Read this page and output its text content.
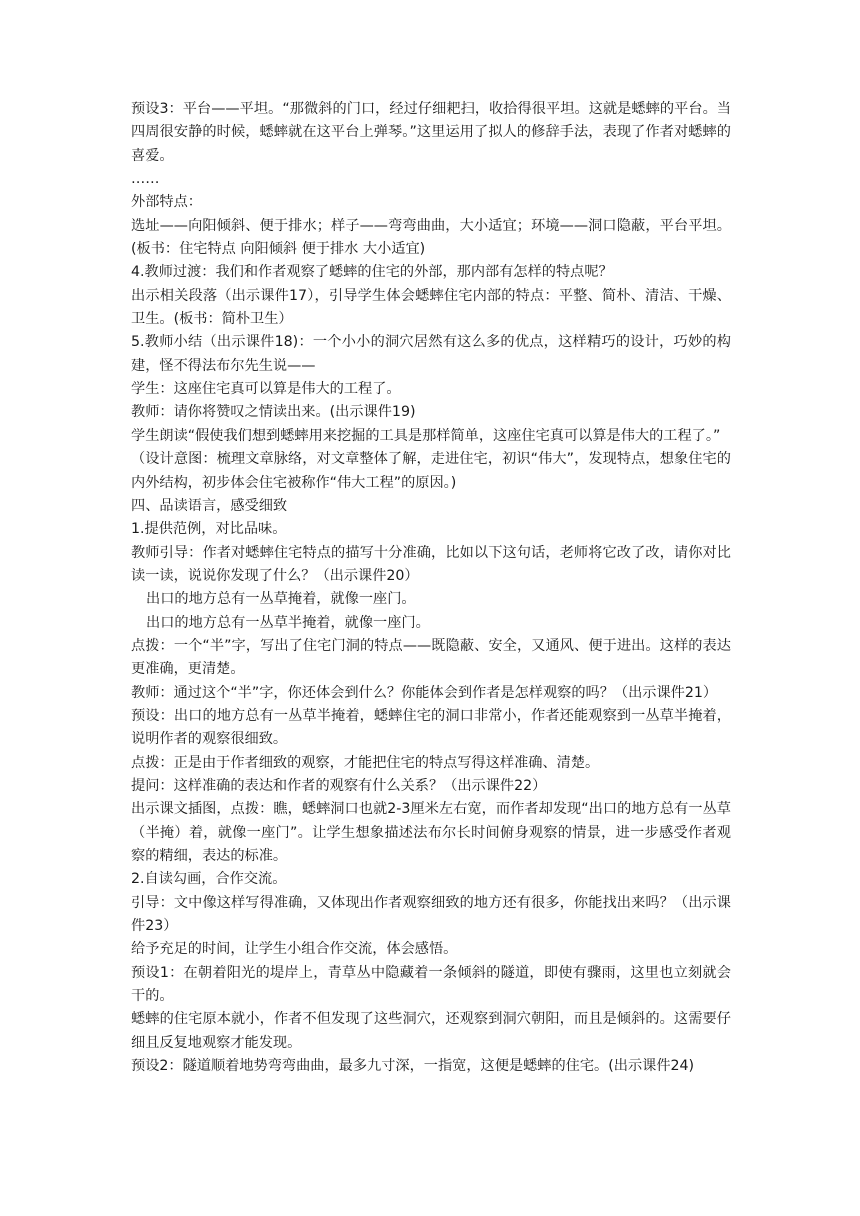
预设3：平台——平坦。“那微斜的门口，经过仔细耙扫，收拾得很平坦。这就是蟋蟀的平台。当四周很安静的时候，蟋蟀就在这平台上弹琴。”这里运用了拟人的修辞手法，表现了作者对蟋蟀的喜爱。

……

外部特点：

选址——向阳倾斜、便于排水；样子——弯弯曲曲，大小适宜；环境——洞口隐蔽，平台平坦。(板书：住宅特点 向阳倾斜 便于排水 大小适宜)

4.教师过渡：我们和作者观察了蟋蟀的住宅的外部，那内部有怎样的特点呢？

出示相关段落（出示课件17），引导学生体会蟋蟀住宅内部的特点：平整、简朴、清洁、干燥、卫生。(板书：简朴卫生）

5.教师小结（出示课件18)：一个小小的洞穴居然有这么多的优点，这样精巧的设计，巧妙的构建，怪不得法布尔先生说——

学生：这座住宅真可以算是伟大的工程了。

教师：请你将赞叹之情读出来。(出示课件19)

学生朗读“假使我们想到蟋蟀用来挖掘的工具是那样简单，这座住宅真可以算是伟大的工程了。”

（设计意图：梳理文章脉络，对文章整体了解，走进住宅，初识“伟大”，发现特点，想象住宅的内外结构，初步体会住宅被称作“伟大工程”的原因。)

四、品读语言，感受细致

1.提供范例，对比品味。

教师引导：作者对蟋蟀住宅特点的描写十分准确，比如以下这句话，老师将它改了改，请你对比读一读，说说你发现了什么？（出示课件20）

出口的地方总有一丛草掩着，就像一座门。

出口的地方总有一丛草半掩着，就像一座门。

点拨：一个“半”字，写出了住宅门洞的特点——既隐蔽、安全，又通风、便于进出。这样的表达更准确，更清楚。

教师：通过这个“半”字，你还体会到什么？你能体会到作者是怎样观察的吗？（出示课件21）

预设：出口的地方总有一丛草半掩着，蟋蟀住宅的洞口非常小，作者还能观察到一丛草半掩着，说明作者的观察很细致。

点拨：正是由于作者细致的观察，才能把住宅的特点写得这样准确、清楚。

提问：这样准确的表达和作者的观察有什么关系？（出示课件22）

出示课文插图，点拨：瞧，蟋蟀洞口也就2-3厘米左右宽，而作者却发现“出口的地方总有一丛草（半掩）着，就像一座门”。让学生想象描述法布尔长时间俯身观察的情景，进一步感受作者观察的精细，表达的标准。

2.自读勾画，合作交流。

引导：文中像这样写得准确，又体现出作者观察细致的地方还有很多，你能找出来吗？（出示课件23）

给予充足的时间，让学生小组合作交流，体会感悟。

预设1：在朝着阳光的堤岸上，青草丛中隐藏着一条倾斜的隧道，即使有骤雨，这里也立刻就会干的。

蟋蟀的住宅原本就小，作者不但发现了这些洞穴，还观察到洞穴朝阳，而且是倾斜的。这需要仔细且反复地观察才能发现。

预设2：隧道顺着地势弯弯曲曲，最多九寸深，一指宽，这便是蟋蟀的住宅。(出示课件24)
